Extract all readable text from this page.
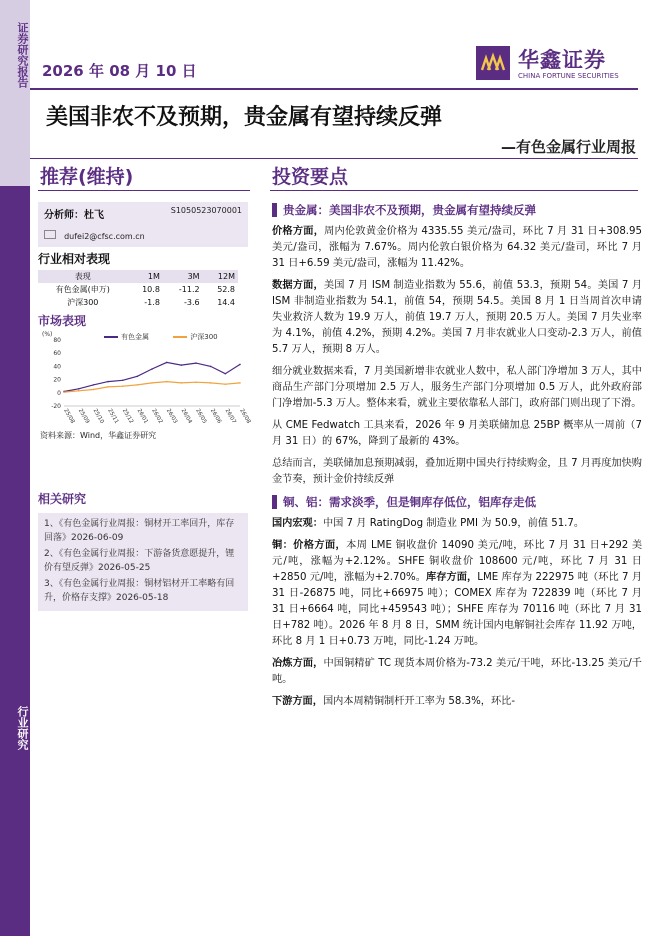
证券研究报告
行业研究
2026 年 08 月 10 日	华鑫证券
CHINA FORTUNE SECURITIES
美国非农不及预期，贵金属有望持续反弹
—有色金属行业周报
推荐(维持)	投资要点
分析师：杜飞	S1050523070001
dufei2@cfsc.com.cn
行业相对表现
表现	1M	3M	12M
有色金属(申万)	10.8	-11.2	52.8
沪深300	-1.8	-3.6	14.4
市场表现
(%)
80
60
40
20
0
-20
25/08 25/09 25/10 25/11 25/12 26/01 26/02 26/03 26/04 26/05 26/06 26/07 26/08
有色金属	沪深300
资料来源：Wind，华鑫证券研究
相关研究
1、《有色金属行业周报：铜材开工率回升，库存回落》2026-06-09
2、《有色金属行业周报：下游备货意愿提升，锂价有望反弹》2026-05-25
3、《有色金属行业周报：铜材铝材开工率略有回升，价格存支撑》2026-05-18
贵金属：美国非农不及预期，贵金属有望持续反弹

价格方面，周内伦敦黄金价格为 4335.55 美元/盎司，环比 7 月 31 日+308.95 美元/盎司，涨幅为 7.67%。周内伦敦白银价格为 64.32 美元/盎司，环比 7 月 31 日+6.59 美元/盎司，涨幅为 11.42%。

数据方面，美国 7 月 ISM 制造业指数为 55.6，前值 53.3，预期 54。美国 7 月 ISM 非制造业指数为 54.1，前值 54，预期 54.5。美国 8 月 1 日当周首次申请失业救济人数为 19.9 万人，前值 19.7 万人，预期 20.5 万人。美国 7 月失业率为 4.1%，前值 4.2%，预期 4.2%。美国 7 月非农就业人口变动-2.3 万人，前值 5.7 万人，预期 8 万人。

细分就业数据来看，7 月美国新增非农就业人数中，私人部门净增加 3 万人，其中商品生产部门分项增加 2.5 万人，服务生产部门分项增加 0.5 万人，此外政府部门净增加-5.3 万人。整体来看，就业主要依靠私人部门，政府部门则出现了下滑。

从 CME Fedwatch 工具来看，2026 年 9 月美联储加息 25BP 概率从一周前（7 月 31 日）的 67%，降到了最新的 43%。

总结而言，美联储加息预期减弱，叠加近期中国央行持续购金，且 7 月再度加快购金节奏，预计金价持续反弹

铜、铝：需求淡季，但是铜库存低位，铝库存走低

国内宏观：中国 7 月 RatingDog 制造业 PMI 为 50.9，前值 51.7。

铜：价格方面，本周 LME 铜收盘价 14090 美元/吨，环比 7 月 31 日+292 美元/吨，涨幅为+2.12%。SHFE 铜收盘价 108600 元/吨，环比 7 月 31 日+2850 元/吨，涨幅为+2.70%。库存方面，LME 库存为 222975 吨（环比 7 月 31 日-26875 吨，同比+66975 吨）；COMEX 库存为 722839 吨（环比 7 月 31 日+6664 吨，同比+459543 吨）；SHFE 库存为 70116 吨（环比 7 月 31 日+782 吨）。2026 年 8 月 8 日，SMM 统计国内电解铜社会库存 11.92 万吨，环比 8 月 1 日+0.73 万吨，同比-1.24 万吨。

冶炼方面，中国铜精矿 TC 现货本周价格为-73.2 美元/干吨，环比-13.25 美元/千吨。

下游方面，国内本周精铜制杆开工率为 58.3%，环比-
